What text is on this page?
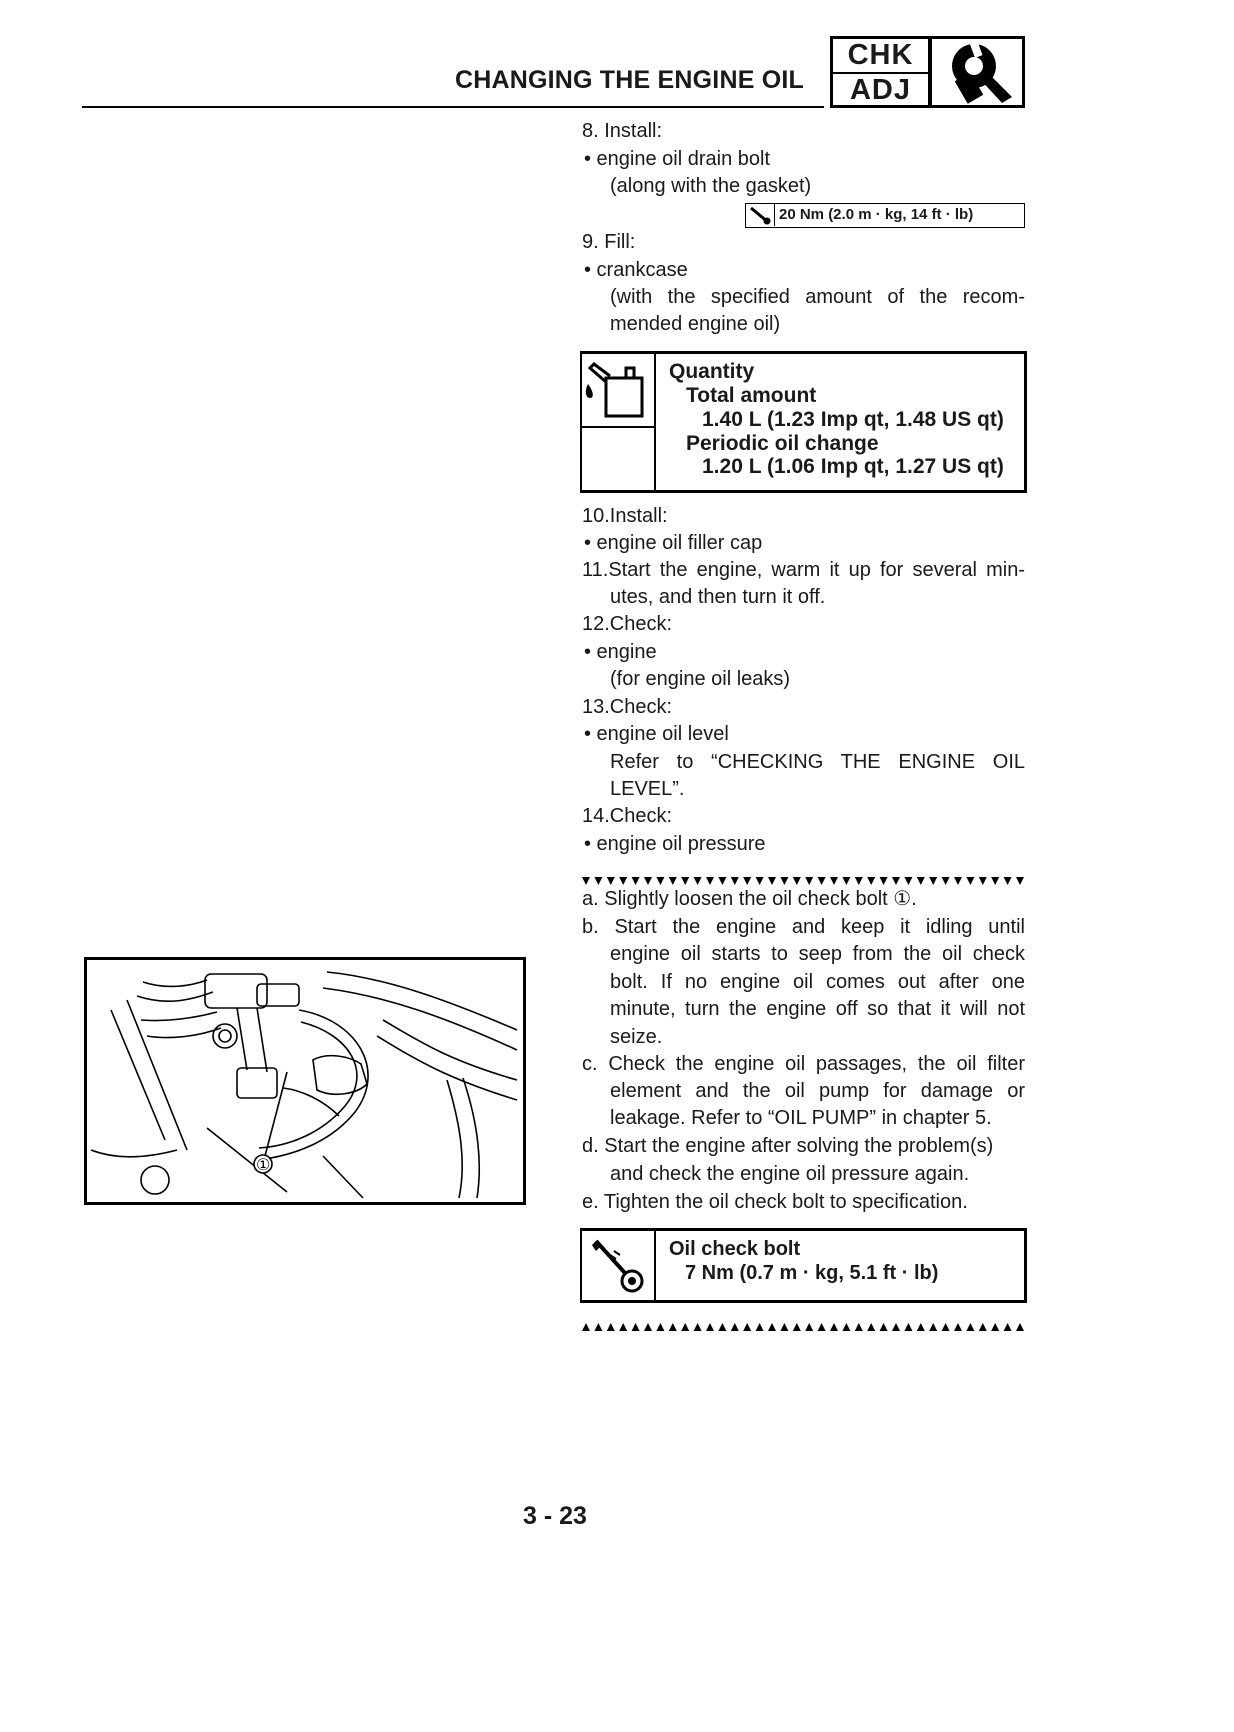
CHANGING THE ENGINE OIL
CHK
ADJ
8. Install:
• engine oil drain bolt
(along with the gasket)
20 Nm (2.0 m · kg, 14 ft · lb)
9. Fill:
• crankcase
(with the specified amount of the recom-
mended engine oil)
Quantity
Total amount
1.40 L (1.23 Imp qt, 1.48 US qt)
Periodic oil change
1.20 L (1.06 Imp qt, 1.27 US qt)
10.Install:
• engine oil filler cap
11.Start the engine, warm it up for several min-
utes, and then turn it off.
12.Check:
• engine
(for engine oil leaks)
13.Check:
• engine oil level
Refer to “CHECKING THE ENGINE OIL
LEVEL”.
14.Check:
• engine oil pressure
a. Slightly loosen the oil check bolt ①.
b. Start the engine and keep it idling until
engine oil starts to seep from the oil check
bolt. If no engine oil comes out after one
minute, turn the engine off so that it will not
seize.
c. Check the engine oil passages, the oil filter
element and the oil pump for damage or
leakage. Refer to “OIL PUMP” in chapter 5.
d. Start the engine after solving the problem(s)
and check the engine oil pressure again.
e. Tighten the oil check bolt to specification.
Oil check bolt
7 Nm (0.7 m · kg, 5.1 ft · lb)
①
3 - 23
